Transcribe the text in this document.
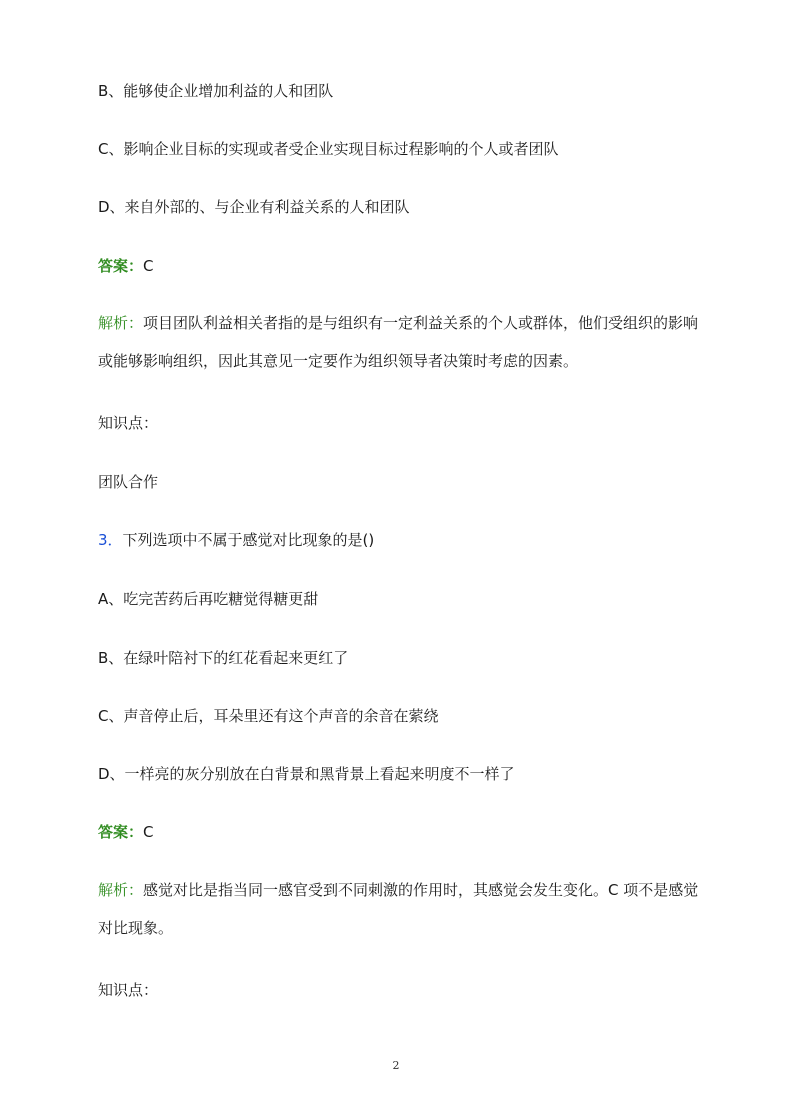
B、能够使企业增加利益的人和团队
C、影响企业目标的实现或者受企业实现目标过程影响的个人或者团队
D、来自外部的、与企业有利益关系的人和团队
答案：C
解析：项目团队利益相关者指的是与组织有一定利益关系的个人或群体，他们受组织的影响或能够影响组织，因此其意见一定要作为组织领导者决策时考虑的因素。
知识点：
团队合作
3．下列选项中不属于感觉对比现象的是()
A、吃完苦药后再吃糖觉得糖更甜
B、在绿叶陪衬下的红花看起来更红了
C、声音停止后，耳朵里还有这个声音的余音在萦绕
D、一样亮的灰分别放在白背景和黑背景上看起来明度不一样了
答案：C
解析：感觉对比是指当同一感官受到不同刺激的作用时，其感觉会发生变化。C 项不是感觉对比现象。
知识点：
2
